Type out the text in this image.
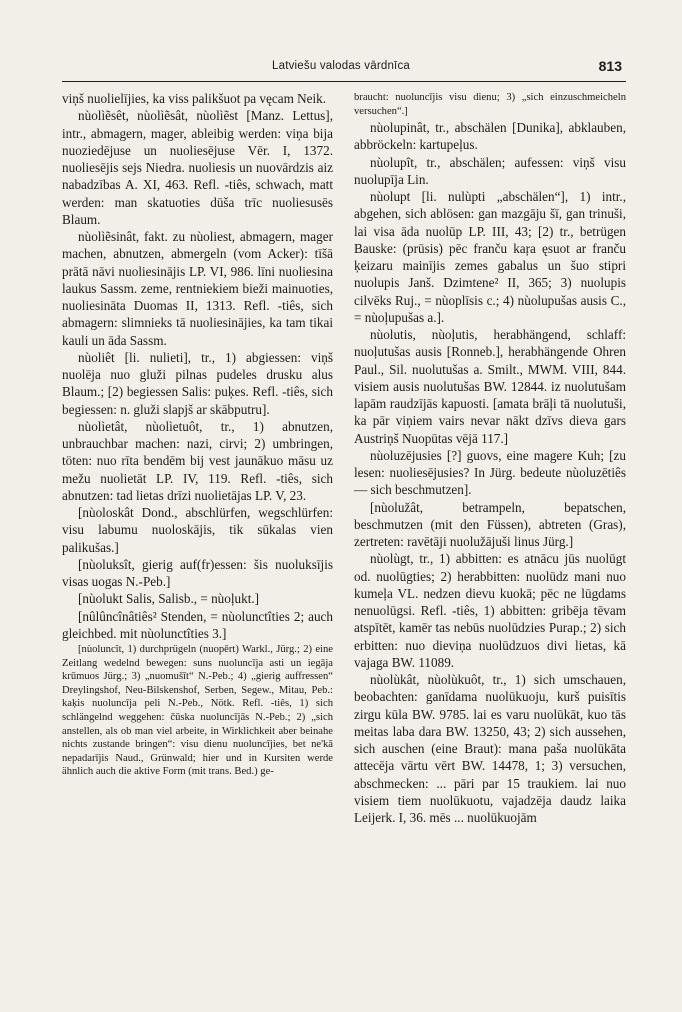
Latviešu valodas vārdnīca	813

viņš nuolielījies, ka viss palikšuot pa vęcam Neik.

nùolìẽsêt, nùolìẽsât, nùolìẽst [Manz. Lettus], intr., abmagern, mager, ableibig werden: viņa bija nuoziedējuse un nuoliesējuse Vēr. I, 1372. nuoliesējis sejs Niedra. nuoliesis un nuovārdzis aiz nabadzības A. XI, 463. Refl. -tiês, schwach, matt werden: man skatuoties dūša trīc nuoliesusēs Blaum.

nùolìẽsinât, fakt. zu nùoliest, abmagern, mager machen, abnutzen, abmergeln (vom Acker): tīšā prātā nāvi nuoliesinājis LP. VI, 986. līni nuoliesina laukus Sassm. zeme, rentniekiem bieži mainuoties, nuoliesināta Duomas II, 1313. Refl. -tiês, sich abmagern: slimnieks tā nuoliesinājies, ka tam tikai kauli un āda Sassm.

nùoliêt [li. nulieti], tr., 1) abgiessen: viņš nuolēja nuo gluži pilnas pudeles drusku alus Blaum.; [2) begiessen Salis: puķes. Refl. -tiês, sich begiessen: n. gluži slapjš ar skābputru].

nùolìetât, nùolìetuôt, tr., 1) abnutzen, unbrauchbar machen: nazi, cirvi; 2) umbringen, töten: nuo rīta bendēm bij vest jaunākuo māsu uz mežu nuolietāt LP. IV, 119. Refl. -tiês, sich abnutzen: tad lietas drīzi nuolietājas LP. V, 23.

[nùoloskât Dond., abschlürfen, wegschlürfen: visu labumu nuoloskājis, tik sūkalas vien palikušas.]

[nùoluksît, gierig auf(fr)essen: šis nuoluksījis visas uogas N.-Peb.]

[nùolukt Salis, Salisb., = nùoļukt.]

[nûlûncînâtiês² Stenden, = nùolunctîties 2; auch gleichbed. mit nùolunctîties 3.]

[nùoluncît, 1) durchprügeln (nuopērt) Warkl., Jürg.; 2) eine Zeitlang wedelnd bewegen: suns nuoluncīja asti un iegāja krūmuos Jürg.; 3) „nuomušīt“ N.-Peb.; 4) „gierig auffressen“ Dreylingshof, Neu-Bilskenshof, Serben, Segew., Mitau, Peb.: kaķis nuoluncīja peli N.-Peb., Nötk. Refl. -tiês, 1) sich schlängelnd weggehen: čūska nuoluncījās N.-Peb.; 2) „sich anstellen, als ob man viel arbeite, in Wirklichkeit aber beinahe nichts zustande bringen“: visu dienu nuoluncījies, bet ne'kā nepadarījis Naud., Grünwald; hier und in Kursiten werde ähnlich auch die aktive Form (mit trans. Bed.) ge-

braucht: nuoluncījis visu dienu; 3) „sich einzuschmeicheln versuchen“.]

nùolupinât, tr., abschälen [Dunika], abklauben, abbröckeln: kartupeļus.

nùolupît, tr., abschälen; aufessen: viņš visu nuolupīja Lin.

nùolupt [li. nulùpti „abschälen“], 1) intr., abgehen, sich ablösen: gan mazgāju šī, gan trinuši, lai visa āda nuolūp LP. III, 43; [2) tr., betrügen Bauske: (prūsis) pēc franču kaŗa ęsuot ar franču ķeizaru mainījis zemes gabalus un šuo stipri nuolupis Janš. Dzimtene² II, 365; 3) nuolupis cilvēks Ruj., = nùoplīsis c.; 4) nùolupušas ausis C., = nùoļupušas a.].

nùolutis, nùoļutis, herabhängend, schlaff: nuoļutušas ausis [Ronneb.], herabhängende Ohren Paul., Sil. nuolutušas a. Smilt., MWM. VIII, 844. visiem ausis nuolutušas BW. 12844. iz nuolutušam lapām raudzījās kapuosti. [amata brāļi tā nuolutuši, ka pār viņiem vairs nevar nākt dzīvs dieva gars Austriņš Nuopūtas vējā 117.]

nùoluzējusies [?] guovs, eine magere Kuh; [zu lesen: nuoliesējusies? In Jürg. bedeute nùoluzētiês — sich beschmutzen].

[nùolužât, betrampeln, bepatschen, beschmutzen (mit den Füssen), abtreten (Gras), zertreten: ravētāji nuolužājuši linus Jürg.]

nùolùgt, tr., 1) abbitten: es atnācu jūs nuolūgt od. nuolūgties; 2) herabbitten: nuolūdz mani nuo kumeļa VL. nedzen dievu kuokā; pēc ne lūgdams nenuolūgsi. Refl. -tiês, 1) abbitten: gribēja tēvam atspītēt, kamēr tas nebūs nuolūdzies Purap.; 2) sich erbitten: nuo dieviņa nuolūdzuos divi lietas, kā vajaga BW. 11089.

nùolùkât, nùolùkuôt, tr., 1) sich umschauen, beobachten: ganīdama nuolūkuoju, kurš puisītis zirgu kūla BW. 9785. lai es varu nuolūkāt, kuo tās meitas laba dara BW. 13250, 43; 2) sich aussehen, sich auschen (eine Braut): mana paša nuolūkāta attecēja vārtu vērt BW. 14478, 1; 3) versuchen, abschmecken: ... pāri par 15 traukiem. lai nuo visiem tiem nuolūkuotu, vajadzēja daudz laika Leijerk. I, 36. mēs ... nuolūkuojām
